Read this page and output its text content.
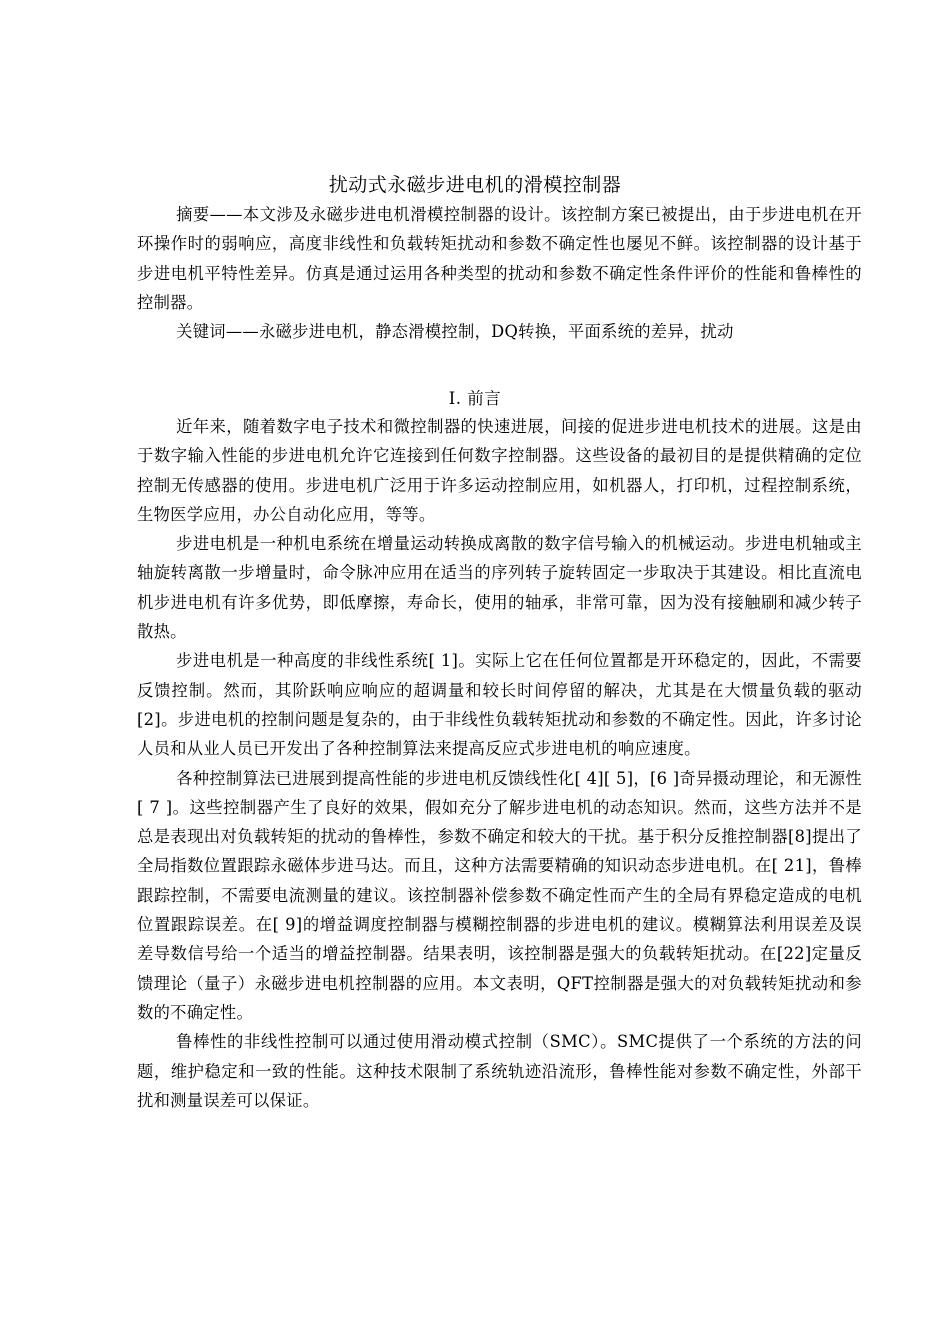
扰动式永磁步进电机的滑模控制器

摘要——本文涉及永磁步进电机滑模控制器的设计。该控制方案已被提出，由于步进电机在开环操作时的弱响应，高度非线性和负载转矩扰动和参数不确定性也屡见不鲜。该控制器的设计基于步进电机平特性差异。仿真是通过运用各种类型的扰动和参数不确定性条件评价的性能和鲁棒性的控制器。

关键词——永磁步进电机，静态滑模控制，DQ转换，平面系统的差异，扰动

I. 前言

近年来，随着数字电子技术和微控制器的快速进展，间接的促进步进电机技术的进展。这是由于数字输入性能的步进电机允许它连接到任何数字控制器。这些设备的最初目的是提供精确的定位控制无传感器的使用。步进电机广泛用于许多运动控制应用，如机器人，打印机，过程控制系统，生物医学应用，办公自动化应用，等等。

步进电机是一种机电系统在增量运动转换成离散的数字信号输入的机械运动。步进电机轴或主轴旋转离散一步增量时，命令脉冲应用在适当的序列转子旋转固定一步取决于其建设。相比直流电机步进电机有许多优势，即低摩擦，寿命长，使用的轴承，非常可靠，因为没有接触刷和减少转子散热。

步进电机是一种高度的非线性系统[ 1]。实际上它在任何位置都是开环稳定的，因此，不需要反馈控制。然而，其阶跃响应响应的超调量和较长时间停留的解决，尤其是在大惯量负载的驱动[2]。步进电机的控制问题是复杂的，由于非线性负载转矩扰动和参数的不确定性。因此，许多讨论人员和从业人员已开发出了各种控制算法来提高反应式步进电机的响应速度。

各种控制算法已进展到提高性能的步进电机反馈线性化[ 4][ 5]，[6 ]奇异摄动理论，和无源性[ 7 ]。这些控制器产生了良好的效果，假如充分了解步进电机的动态知识。然而，这些方法并不是总是表现出对负载转矩的扰动的鲁棒性，参数不确定和较大的干扰。基于积分反推控制器[8]提出了全局指数位置跟踪永磁体步进马达。而且，这种方法需要精确的知识动态步进电机。在[ 21]，鲁棒跟踪控制，不需要电流测量的建议。该控制器补偿参数不确定性而产生的全局有界稳定造成的电机位置跟踪误差。在[ 9]的增益调度控制器与模糊控制器的步进电机的建议。模糊算法利用误差及误差导数信号给一个适当的增益控制器。结果表明，该控制器是强大的负载转矩扰动。在[22]定量反馈理论（量子）永磁步进电机控制器的应用。本文表明，QFT控制器是强大的对负载转矩扰动和参数的不确定性。

鲁棒性的非线性控制可以通过使用滑动模式控制（SMC）。SMC提供了一个系统的方法的问题，维护稳定和一致的性能。这种技术限制了系统轨迹沿流形，鲁棒性能对参数不确定性，外部干扰和测量误差可以保证。
